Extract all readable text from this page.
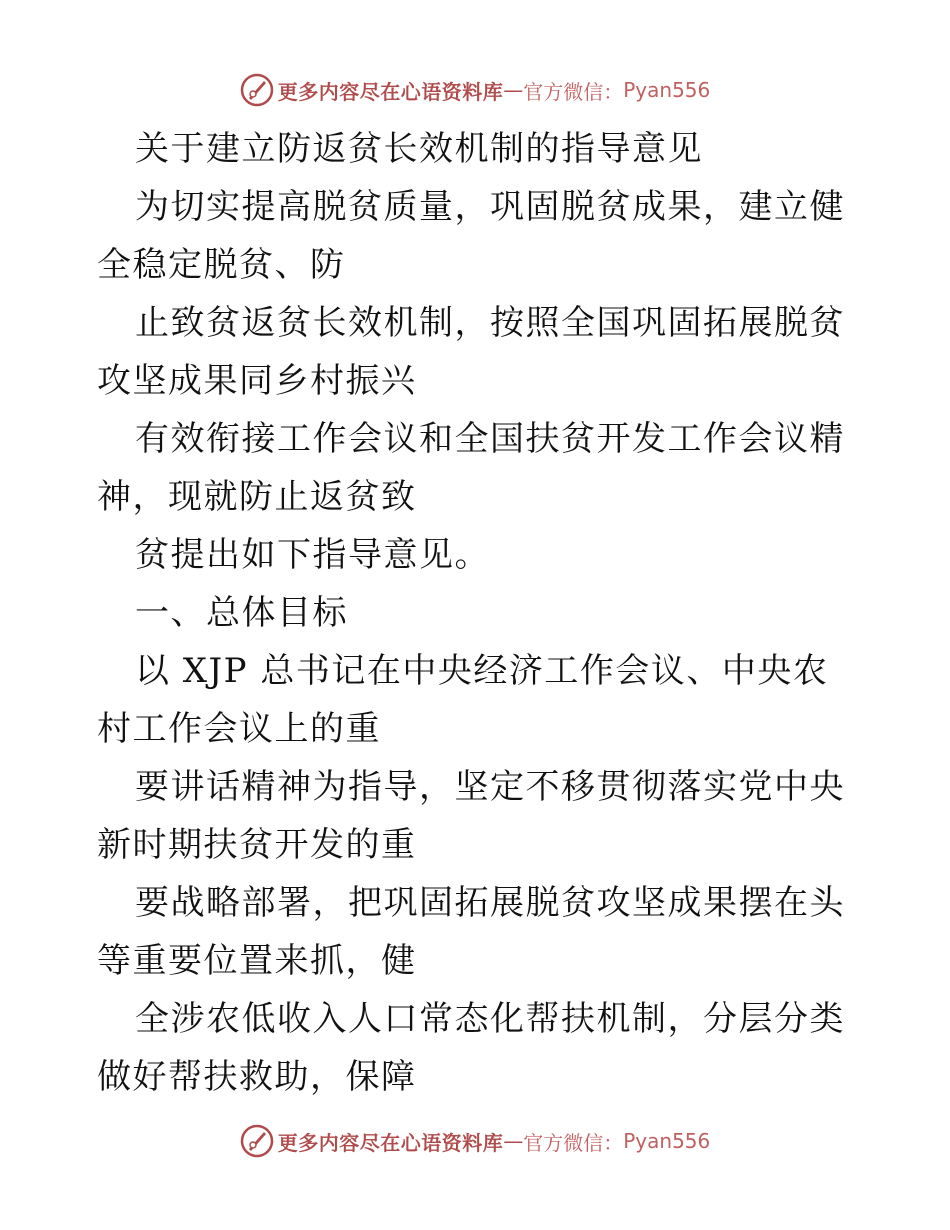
更多内容尽在心语资料库 — 官方微信： Pyan556

关于建立防返贫长效机制的指导意见

为切实提高脱贫质量，巩固脱贫成果，建立健全稳定脱贫、防

止致贫返贫长效机制，按照全国巩固拓展脱贫攻坚成果同乡村振兴

有效衔接工作会议和全国扶贫开发工作会议精神，现就防止返贫致

贫提出如下指导意见。

一、总体目标

以 XJP 总书记在中央经济工作会议、中央农村工作会议上的重

要讲话精神为指导，坚定不移贯彻落实党中央新时期扶贫开发的重

要战略部署，把巩固拓展脱贫攻坚成果摆在头等重要位置来抓，健

全涉农低收入人口常态化帮扶机制，分层分类做好帮扶救助，保障

更多内容尽在心语资料库 — 官方微信： Pyan556
